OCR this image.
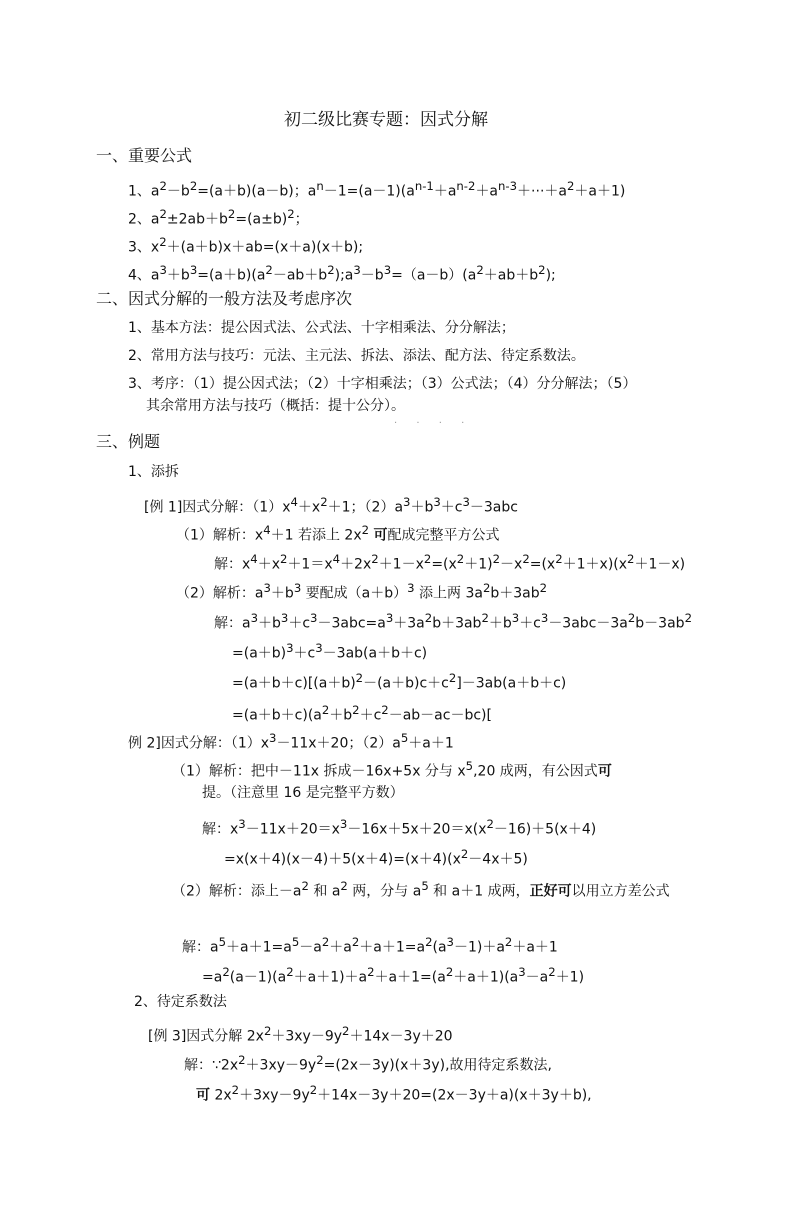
初二级比赛专题：因式分解
一、重要公式
1、$a^2-b^2=(a+b)(a-b)$；$a^n-1=(a-1)(a^{n-1}+a^{n-2}+a^{n-3}+\cdot\cdot\cdot+a^2+a+1)$
2、$a^2\pm 2ab+b^2=(a\pm b)^2$；
3、$x^2+(a+b)x+ab=(x+a)(x+b)$;
4、$a^3+b^3=(a+b)(a^2-ab+b^2);a^3-b^3=(a-b)(a^2+ab+b^2)$;
二、因式分解的一般方法及考虑序次
1、基本方法：提公因式法、公式法、十字相乘法、分分解法；
2、常用方法与技巧：元法、主元法、拆法、添法、配方法、待定系数法。
3、考序：（1）提公因式法；（2）十字相乘法；（3）公式法；（4）分分解法；（5）
其余常用方法与技巧（概括：提十公分）。
· · · ·
三、例题
1、添拆
[例 1]因式分解：$(1)x^4+x^2+1$；$(2)a^3+b^3+c^3-3abc$
（1）解析：$x^4+1$ 若添上 $2x^2$ 可配成完整平方公式
解：$x^4+x^2+1=x^4+2x^2+1-x^2=(x^2+1)^2-x^2=(x^2+1+x)(x^2+1-x)$
（2）解析：$a^3+b^3$ 要配成$(a+b)^3$ 添上两 $3a^2b+3ab^2$
解：$a^3+b^3+c^3-3abc=a^3+3a^2b+3ab^2+b^3+c^3-3abc-3a^2b-3ab^2$
$=(a+b)^3+c^3-3ab(a+b+c)$
$=(a+b+c)[(a+b)^2-(a+b)c+c^2]-3ab(a+b+c)$
$=(a+b+c)(a^2+b^2+c^2-ab-ac-bc)$[
例 2]因式分解：$(1)x^3-11x+20$；$(2)a^5+a+1$
（1）解析：把中－11x 拆成－16x+5x 分与 $x^5,20$ 成两，有公因式可
提。（注意里 16 是完整平方数）
解：$x^3-11x+20=x^3-16x+5x+20=x(x^2-16)+5(x+4)$
$=x(x+4)(x-4)+5(x+4)=(x+4)(x^2-4x+5)$
（2）解析：添上$-a^2$ 和 $a^2$ 两，分与 $a^5$ 和 a＋1 成两，正好可以用立方差公式
解：$a^5+a+1=a^5-a^2+a^2+a+1=a^2(a^3-1)+a^2+a+1$
$=a^2(a-1)(a^2+a+1)+a^2+a+1=(a^2+a+1)(a^3-a^2+1)$
2、待定系数法
[例 3]因式分解 $2x^2+3xy-9y^2+14x-3y+20$
解：$\because 2x^2+3xy-9y^2=(2x-3y)(x+3y)$,故用待定系数法,
可 $2x^2+3xy-9y^2+14x-3y+20=(2x-3y+a)(x+3y+b)$,
